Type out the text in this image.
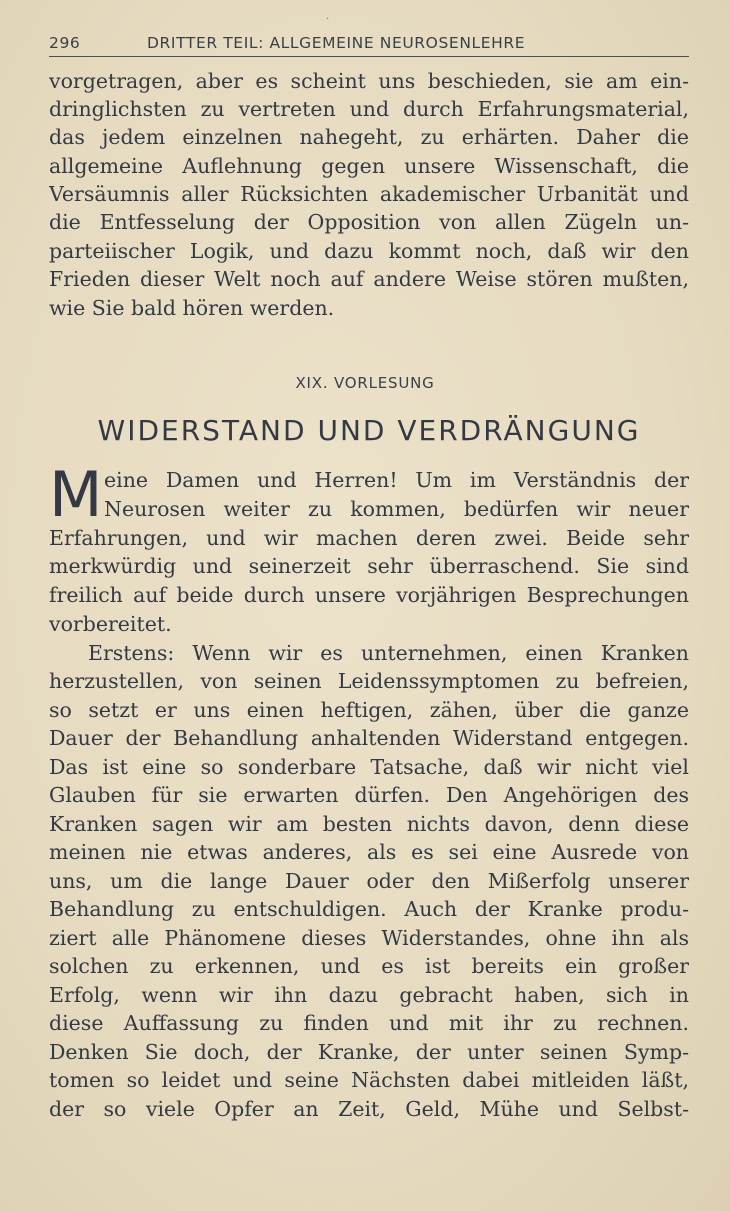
·
296	DRITTER TEIL: ALLGEMEINE NEURОSENLEHRE
vorgetragen, aber es scheint uns beschieden, sie am ein-
dringlichsten zu vertreten und durch Erfahrungsmaterial,
das jedem einzelnen nahegeht, zu erhärten. Daher die
allgemeine Auflehnung gegen unsere Wissenschaft, die
Versäumnis aller Rücksichten akademischer Urbanität und
die Entfesselung der Opposition von allen Zügeln un-
parteiischer Logik, und dazu kommt noch, daß wir den
Frieden dieser Welt noch auf andere Weise stören mußten,
wie Sie bald hören werden.
XIX. VORLESUNG
WIDERSTAND UND VERDRÄNGUNG
M eine Damen und Herren! Um im Verständnis der
Neurosen weiter zu kommen, bedürfen wir neuer
Erfahrungen, und wir machen deren zwei. Beide sehr
merkwürdig und seinerzeit sehr überraschend. Sie sind
freilich auf beide durch unsere vorjährigen Besprechungen
vorbereitet.
Erstens: Wenn wir es unternehmen, einen Kranken
herzustellen, von seinen Leidenssymptomen zu befreien,
so setzt er uns einen heftigen, zähen, über die ganze
Dauer der Behandlung anhaltenden Widerstand entgegen.
Das ist eine so sonderbare Tatsache, daß wir nicht viel
Glauben für sie erwarten dürfen. Den Angehörigen des
Kranken sagen wir am besten nichts davon, denn diese
meinen nie etwas anderes, als es sei eine Ausrede von
uns, um die lange Dauer oder den Mißerfolg unserer
Behandlung zu entschuldigen. Auch der Kranke produ-
ziert alle Phänomene dieses Widerstandes, ohne ihn als
solchen zu erkennen, und es ist bereits ein großer
Erfolg, wenn wir ihn dazu gebracht haben, sich in
diese Auffassung zu finden und mit ihr zu rechnen.
Denken Sie doch, der Kranke, der unter seinen Symp-
tomen so leidet und seine Nächsten dabei mitleiden läßt,
der so viele Opfer an Zeit, Geld, Mühe und Selbst-
